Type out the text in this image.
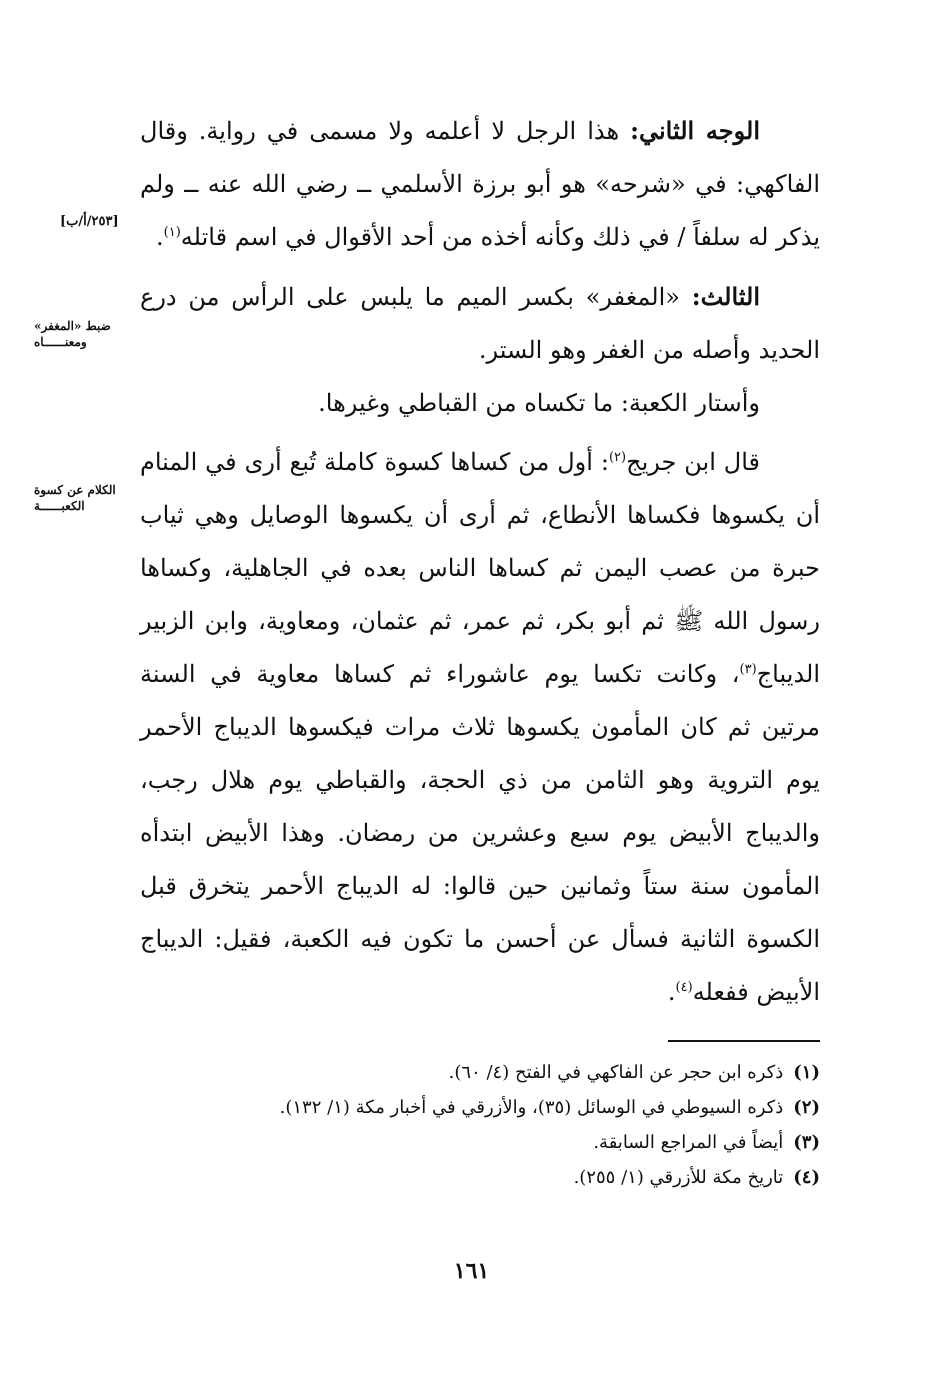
الوجه الثاني: هذا الرجل لا أعلمه ولا مسمى في رواية. وقال الفاكهي: في «شرحه» هو أبو برزة الأسلمي ــ رضي الله عنه ــ ولم يذكر له سلفاً / في ذلك وكأنه أخذه من أحد الأقوال في اسم قاتله$^{(١)}$.

الثالث: «المغفر» بكسر الميم ما يلبس على الرأس من درع الحديد وأصله من الغفر وهو الستر.

وأستار الكعبة: ما تكساه من القباطي وغيرها.

قال ابن جريج$^{(٢)}$: أول من كساها كسوة كاملة تُبع أرى في المنام أن يكسوها فكساها الأنطاع، ثم أرى أن يكسوها الوصايل وهي ثياب حبرة من عصب اليمن ثم كساها الناس بعده في الجاهلية، وكساها رسول الله ﷺ ثم أبو بكر، ثم عمر، ثم عثمان، ومعاوية، وابن الزبير الديباج$^{(٣)}$، وكانت تكسا يوم عاشوراء ثم كساها معاوية في السنة مرتين ثم كان المأمون يكسوها ثلاث مرات فيكسوها الديباج الأحمر يوم التروية وهو الثامن من ذي الحجة، والقباطي يوم هلال رجب، والديباج الأبيض يوم سبع وعشرين من رمضان. وهذا الأبيض ابتدأه المأمون سنة ستاً وثمانين حين قالوا: له الديباج الأحمر يتخرق قبل الكسوة الثانية فسأل عن أحسن ما تكون فيه الكعبة، فقيل: الديباج الأبيض ففعله$^{(٤)}$.

[٢٥٣/أ/ب]
ضبط «المغفر»
ومعنــــــاه
الكلام عن كسوة
الكعبــــــة
(١)ذكره ابن حجر عن الفاكهي في الفتح (٤/ ٦٠).
(٢)ذكره السيوطي في الوسائل (٣٥)، والأزرقي في أخبار مكة (١/ ١٣٢).
(٣)أيضاً في المراجع السابقة.
(٤)تاريخ مكة للأزرقي (١/ ٢٥٥).
١٦١
